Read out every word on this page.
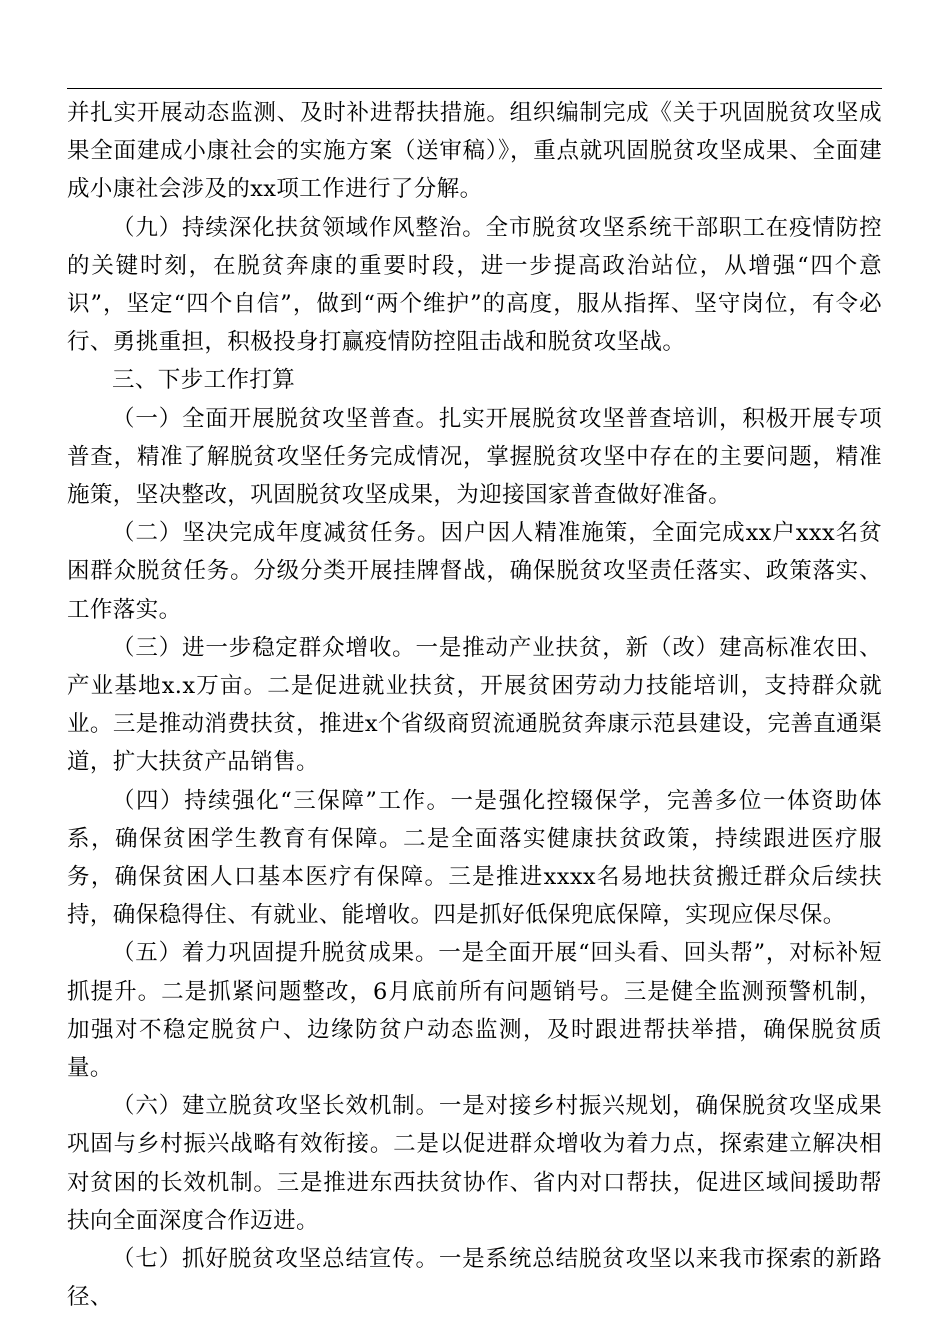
并扎实开展动态监测、及时补进帮扶措施。组织编制完成《关于巩固脱贫攻坚成果全面建成小康社会的实施方案（送审稿）》，重点就巩固脱贫攻坚成果、全面建成小康社会涉及的xx项工作进行了分解。

（九）持续深化扶贫领域作风整治。全市脱贫攻坚系统干部职工在疫情防控的关键时刻，在脱贫奔康的重要时段，进一步提高政治站位，从增强“四个意识”，坚定“四个自信”，做到“两个维护”的高度，服从指挥、坚守岗位，有令必行、勇挑重担，积极投身打赢疫情防控阻击战和脱贫攻坚战。

三、下步工作打算

（一）全面开展脱贫攻坚普查。扎实开展脱贫攻坚普查培训，积极开展专项普查，精准了解脱贫攻坚任务完成情况，掌握脱贫攻坚中存在的主要问题，精准施策，坚决整改，巩固脱贫攻坚成果，为迎接国家普查做好准备。

（二）坚决完成年度减贫任务。因户因人精准施策，全面完成xx户xxx名贫困群众脱贫任务。分级分类开展挂牌督战，确保脱贫攻坚责任落实、政策落实、工作落实。

（三）进一步稳定群众增收。一是推动产业扶贫，新（改）建高标准农田、产业基地x.x万亩。二是促进就业扶贫，开展贫困劳动力技能培训，支持群众就业。三是推动消费扶贫，推进x个省级商贸流通脱贫奔康示范县建设，完善直通渠道，扩大扶贫产品销售。

（四）持续强化“三保障”工作。一是强化控辍保学，完善多位一体资助体系，确保贫困学生教育有保障。二是全面落实健康扶贫政策，持续跟进医疗服务，确保贫困人口基本医疗有保障。三是推进xxxx名易地扶贫搬迁群众后续扶持，确保稳得住、有就业、能增收。四是抓好低保兜底保障，实现应保尽保。

（五）着力巩固提升脱贫成果。一是全面开展“回头看、回头帮”，对标补短抓提升。二是抓紧问题整改，6月底前所有问题销号。三是健全监测预警机制，加强对不稳定脱贫户、边缘防贫户动态监测，及时跟进帮扶举措，确保脱贫质量。

（六）建立脱贫攻坚长效机制。一是对接乡村振兴规划，确保脱贫攻坚成果巩固与乡村振兴战略有效衔接。二是以促进群众增收为着力点，探索建立解决相对贫困的长效机制。三是推进东西扶贫协作、省内对口帮扶，促进区域间援助帮扶向全面深度合作迈进。

（七）抓好脱贫攻坚总结宣传。一是系统总结脱贫攻坚以来我市探索的新路径、
